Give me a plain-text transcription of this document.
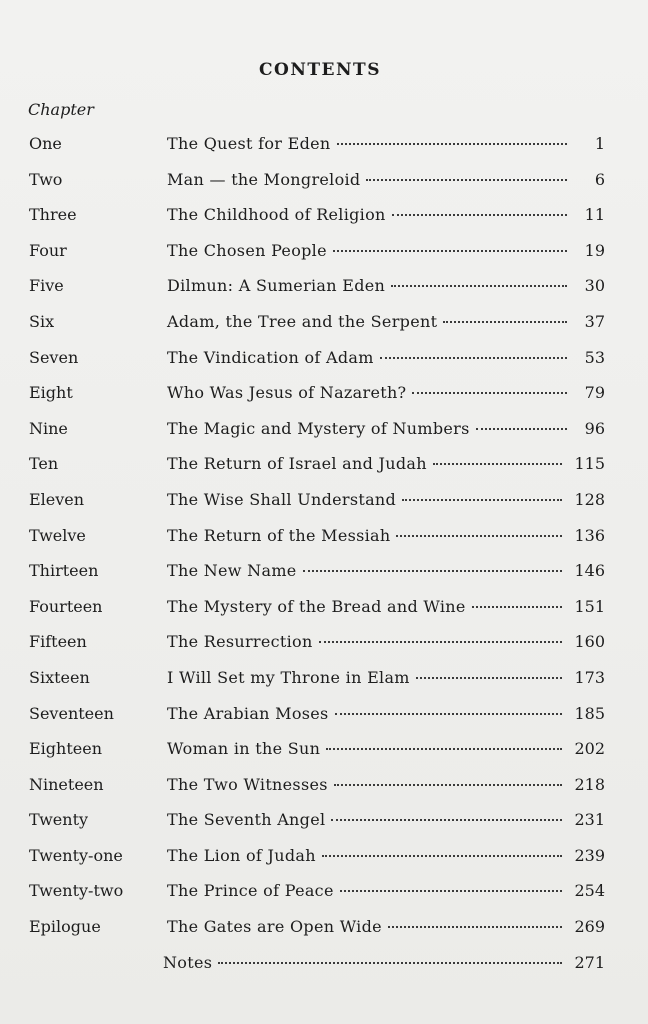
CONTENTS
Chapter
One	The Quest for Eden	1
Two	Man — the Mongreloid	6
Three	The Childhood of Religion	11
Four	The Chosen People	19
Five	Dilmun: A Sumerian Eden	30
Six	Adam, the Tree and the Serpent	37
Seven	The Vindication of Adam	53
Eight	Who Was Jesus of Nazareth?	79
Nine	The Magic and Mystery of Numbers	96
Ten	The Return of Israel and Judah	115
Eleven	The Wise Shall Understand	128
Twelve	The Return of the Messiah	136
Thirteen	The New Name	146
Fourteen	The Mystery of the Bread and Wine	151
Fifteen	The Resurrection	160
Sixteen	I Will Set my Throne in Elam	173
Seventeen	The Arabian Moses	185
Eighteen	Woman in the Sun	202
Nineteen	The Two Witnesses	218
Twenty	The Seventh Angel	231
Twenty-one	The Lion of Judah	239
Twenty-two	The Prince of Peace	254
Epilogue	The Gates are Open Wide	269
Notes	271
